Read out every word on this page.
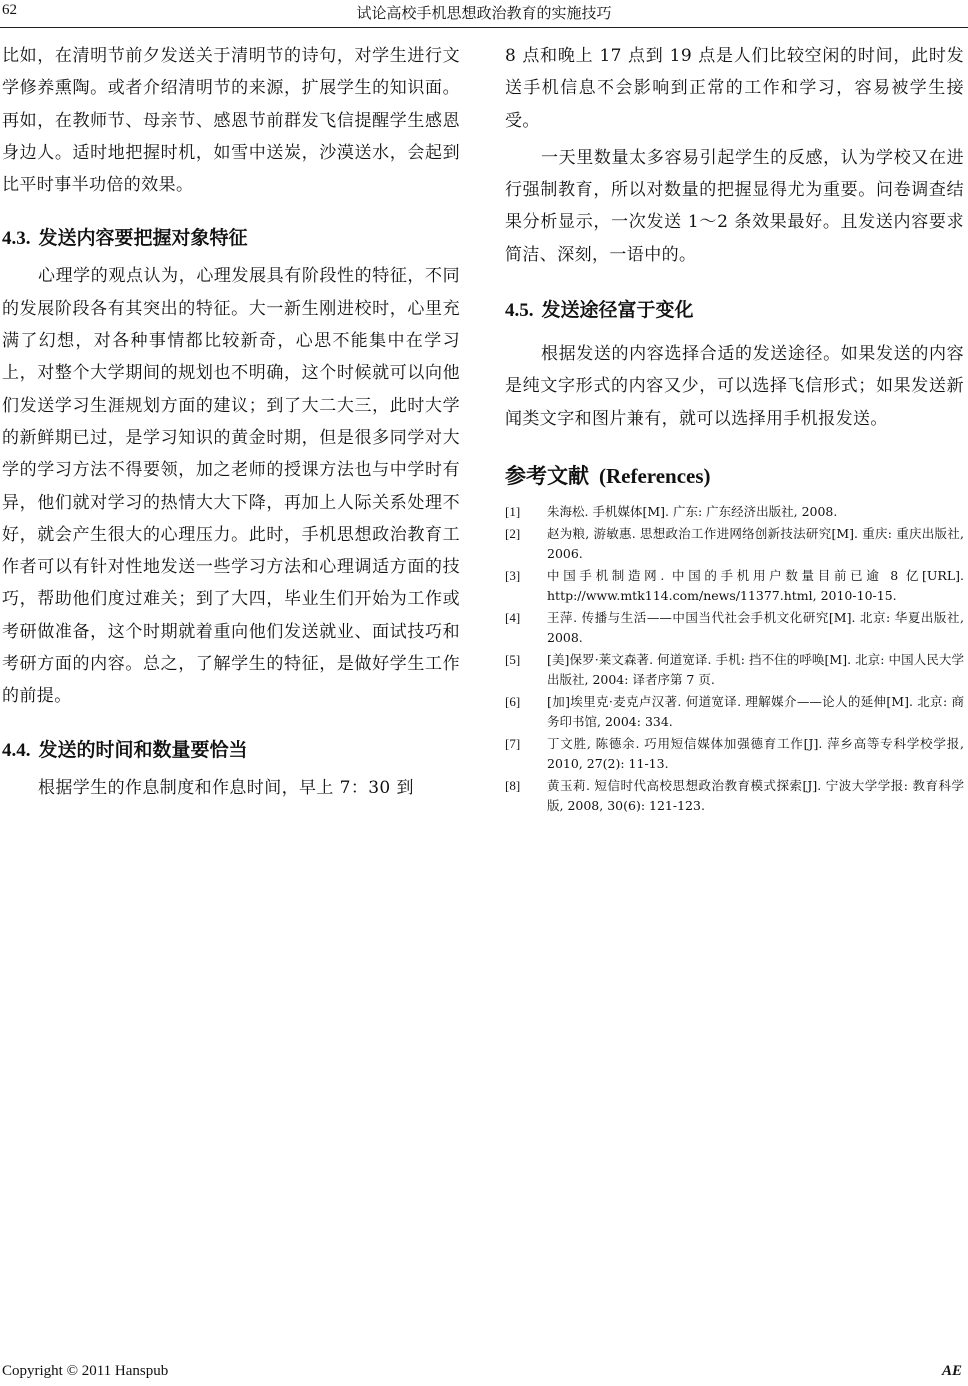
62	试论高校手机思想政治教育的实施技巧

比如，在清明节前夕发送关于清明节的诗句，对学生进行文学修养熏陶。或者介绍清明节的来源，扩展学生的知识面。再如，在教师节、母亲节、感恩节前群发飞信提醒学生感恩身边人。适时地把握时机，如雪中送炭，沙漠送水，会起到比平时事半功倍的效果。

4.3. 发送内容要把握对象特征

心理学的观点认为，心理发展具有阶段性的特征，不同的发展阶段各有其突出的特征。大一新生刚进校时，心里充满了幻想，对各种事情都比较新奇，心思不能集中在学习上，对整个大学期间的规划也不明确，这个时候就可以向他们发送学习生涯规划方面的建议；到了大二大三，此时大学的新鲜期已过，是学习知识的黄金时期，但是很多同学对大学的学习方法不得要领，加之老师的授课方法也与中学时有异，他们就对学习的热情大大下降，再加上人际关系处理不好，就会产生很大的心理压力。此时，手机思想政治教育工作者可以有针对性地发送一些学习方法和心理调适方面的技巧，帮助他们度过难关；到了大四，毕业生们开始为工作或考研做准备，这个时期就着重向他们发送就业、面试技巧和考研方面的内容。总之，了解学生的特征，是做好学生工作的前提。

4.4. 发送的时间和数量要恰当

根据学生的作息制度和作息时间，早上 7：30 到

8 点和晚上 17 点到 19 点是人们比较空闲的时间，此时发送手机信息不会影响到正常的工作和学习，容易被学生接受。

一天里数量太多容易引起学生的反感，认为学校又在进行强制教育，所以对数量的把握显得尤为重要。问卷调查结果分析显示，一次发送 1～2 条效果最好。且发送内容要求简洁、深刻，一语中的。

4.5. 发送途径富于变化

根据发送的内容选择合适的发送途径。如果发送的内容是纯文字形式的内容又少，可以选择飞信形式；如果发送新闻类文字和图片兼有，就可以选择用手机报发送。

参考文献 (References)
[1] 朱海松. 手机媒体[M]. 广东: 广东经济出版社, 2008.
[2] 赵为粮, 游敏惠. 思想政治工作进网络创新技法研究[M]. 重庆: 重庆出版社, 2006.
[3] 中国手机制造网. 中国的手机用户数量目前已逾 8 亿[URL]. http://www.mtk114.com/news/11377.html, 2010-10-15.
[4] 王萍. 传播与生活——中国当代社会手机文化研究[M]. 北京: 华夏出版社, 2008.
[5] [美]保罗·莱文森著. 何道宽译. 手机: 挡不住的呼唤[M]. 北京: 中国人民大学出版社, 2004: 译者序第 7 页.
[6] [加]埃里克·麦克卢汉著. 何道宽译. 理解媒介——论人的延伸[M]. 北京: 商务印书馆, 2004: 334.
[7] 丁文胜, 陈德余. 巧用短信媒体加强德育工作[J]. 萍乡高等专科学校学报, 2010, 27(2): 11-13.
[8] 黄玉莉. 短信时代高校思想政治教育模式探索[J]. 宁波大学学报: 教育科学版, 2008, 30(6): 121-123.
Copyright © 2011 Hanspub	AE
